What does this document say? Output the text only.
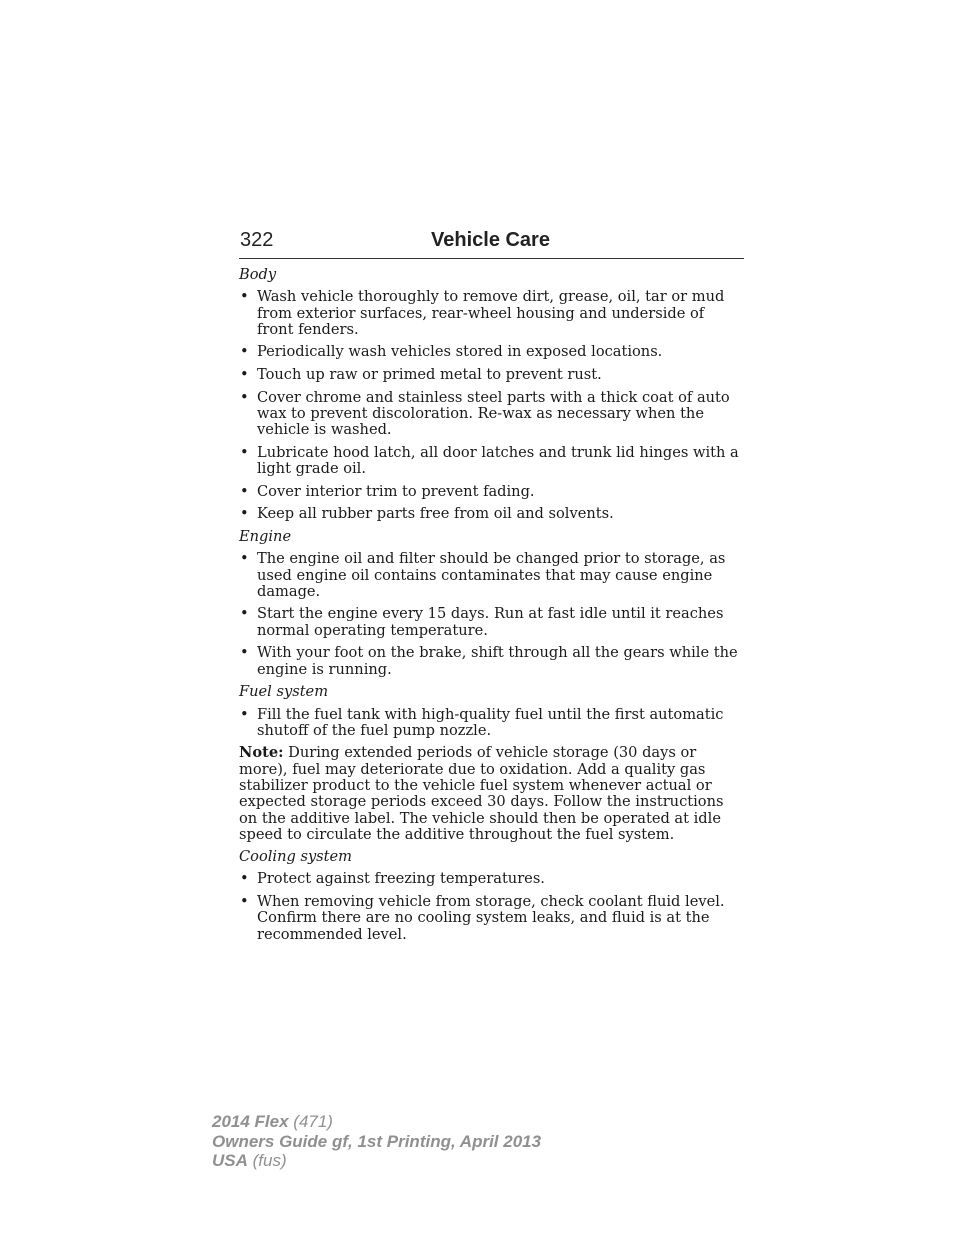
322	Vehicle Care
Body
• Wash vehicle thoroughly to remove dirt, grease, oil, tar or mud from exterior surfaces, rear-wheel housing and underside of front fenders.
• Periodically wash vehicles stored in exposed locations.
• Touch up raw or primed metal to prevent rust.
• Cover chrome and stainless steel parts with a thick coat of auto wax to prevent discoloration. Re-wax as necessary when the vehicle is washed.
• Lubricate hood latch, all door latches and trunk lid hinges with a light grade oil.
• Cover interior trim to prevent fading.
• Keep all rubber parts free from oil and solvents.
Engine
• The engine oil and filter should be changed prior to storage, as used engine oil contains contaminates that may cause engine damage.
• Start the engine every 15 days. Run at fast idle until it reaches normal operating temperature.
• With your foot on the brake, shift through all the gears while the engine is running.
Fuel system
• Fill the fuel tank with high-quality fuel until the first automatic shutoff of the fuel pump nozzle.

Note: During extended periods of vehicle storage (30 days or more), fuel may deteriorate due to oxidation. Add a quality gas stabilizer product to the vehicle fuel system whenever actual or expected storage periods exceed 30 days. Follow the instructions on the additive label. The vehicle should then be operated at idle speed to circulate the additive throughout the fuel system.

Cooling system
• Protect against freezing temperatures.
• When removing vehicle from storage, check coolant fluid level. Confirm there are no cooling system leaks, and fluid is at the recommended level.
2014 Flex (471)
Owners Guide gf, 1st Printing, April 2013
USA (fus)
